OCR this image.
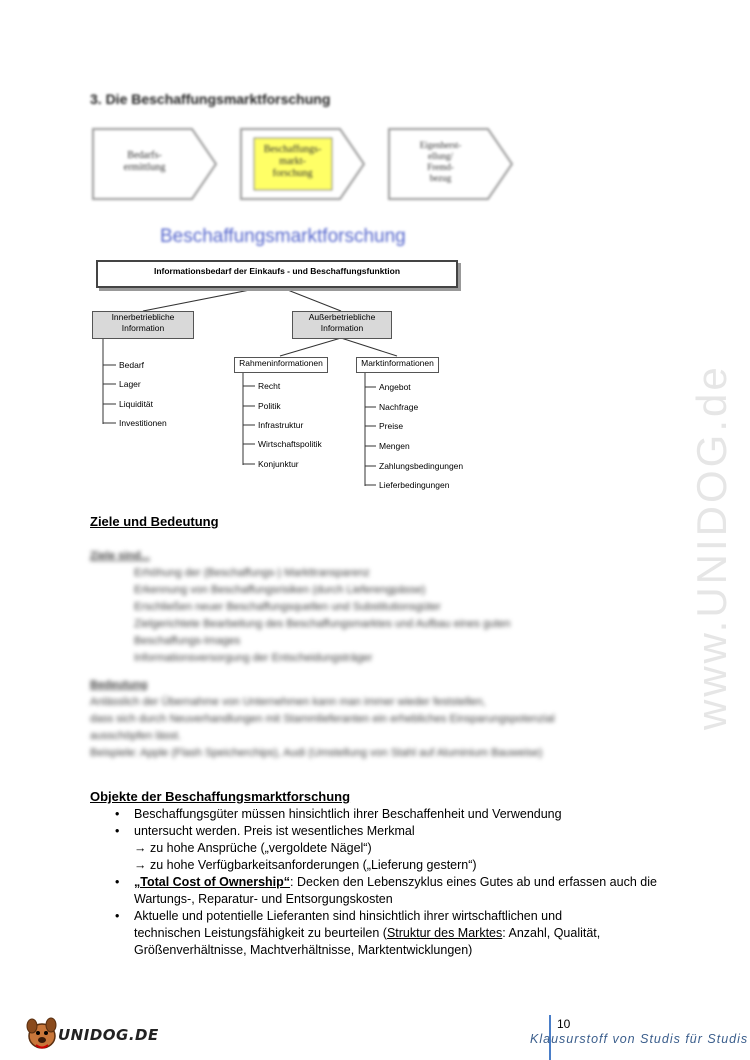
www.UNIDOG.de
3. Die Beschaffungsmarktforschung
Bedarfs-
ermittlung
Beschaffungs-
markt-
forschung
Eigenherst-
ellung/
Fremd-
bezug
Beschaffungsmarktforschung
Informationsbedarf der Einkaufs - und Beschaffungsfunktion
Innerbetriebliche
Information
Bedarf
Lager
Liquidität
Investitionen
Außerbetriebliche
Information
Rahmeninformationen
Recht
Politik
Infrastruktur
Wirtschaftspolitik
Konjunktur
Marktinformationen
Angebot
Nachfrage
Preise
Mengen
Zahlungsbedingungen
Lieferbedingungen
Ziele und Bedeutung
Ziele sind...
Erhöhung der (Beschaffungs-) Markttransparenz
Erkennung von Beschaffungsrisiken (durch Lieferengpässe)
Erschließen neuer Beschaffungsquellen und Substitutionsgüter
Zielgerichtete Bearbeitung des Beschaffungsmarktes und Aufbau eines guten
Beschaffungs-Images
Informationsversorgung der Entscheidungsträger
Bedeutung
Anlässlich der Übernahme von Unternehmen kann man immer wieder feststellen,
dass sich durch Neuverhandlungen mit Stammlieferanten ein erhebliches Einsparungspotenzial
ausschöpfen lässt.
Beispiele: Apple (Flash Speicherchips), Audi (Umstellung von Stahl auf Aluminium Bauweise)
Objekte der Beschaffungsmarktforschung
• Beschaffungsgüter müssen hinsichtlich ihrer Beschaffenheit und Verwendung
• untersucht werden. Preis ist wesentliches Merkmal
→ zu hohe Ansprüche („vergoldete Nägel“)
→ zu hohe Verfügbarkeitsanforderungen („Lieferung gestern“)
• „Total Cost of Ownership“: Decken den Lebenszyklus eines Gutes ab und erfassen auch die
Wartungs-, Reparatur- und Entsorgungskosten
• Aktuelle und potentielle Lieferanten sind hinsichtlich ihrer wirtschaftlichen und
technischen Leistungsfähigkeit zu beurteilen (Struktur des Marktes: Anzahl, Qualität,
Größenverhältnisse, Machtverhältnisse, Marktentwicklungen)
UNIDOG.DE
10
Klausurstoff von Studis für Studis
